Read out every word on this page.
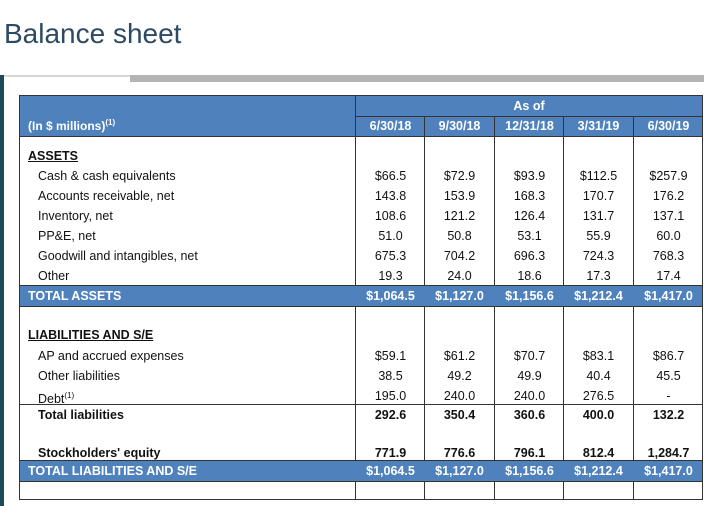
Balance sheet
(In $ millions)$^{(1)}$
As of
6/30/18	9/30/18	12/31/18	3/31/19	6/30/19
ASSETS
Cash & cash equivalents	$66.5	$72.9	$93.9	$112.5	$257.9
Accounts receivable, net	143.8	153.9	168.3	170.7	176.2
Inventory, net	108.6	121.2	126.4	131.7	137.1
PP&E, net	51.0	50.8	53.1	55.9	60.0
Goodwill and intangibles, net	675.3	704.2	696.3	724.3	768.3
Other	19.3	24.0	18.6	17.3	17.4
TOTAL ASSETS	$1,064.5	$1,127.0	$1,156.6	$1,212.4	$1,417.0
LIABILITIES AND S/E
AP and accrued expenses	$59.1	$61.2	$70.7	$83.1	$86.7
Other liabilities	38.5	49.2	49.9	40.4	45.5
Debt$^{(1)}$	195.0	240.0	240.0	276.5	-
Total liabilities	292.6	350.4	360.6	400.0	132.2
Stockholders' equity	771.9	776.6	796.1	812.4	1,284.7
TOTAL LIABILITIES AND S/E	$1,064.5	$1,127.0	$1,156.6	$1,212.4	$1,417.0
